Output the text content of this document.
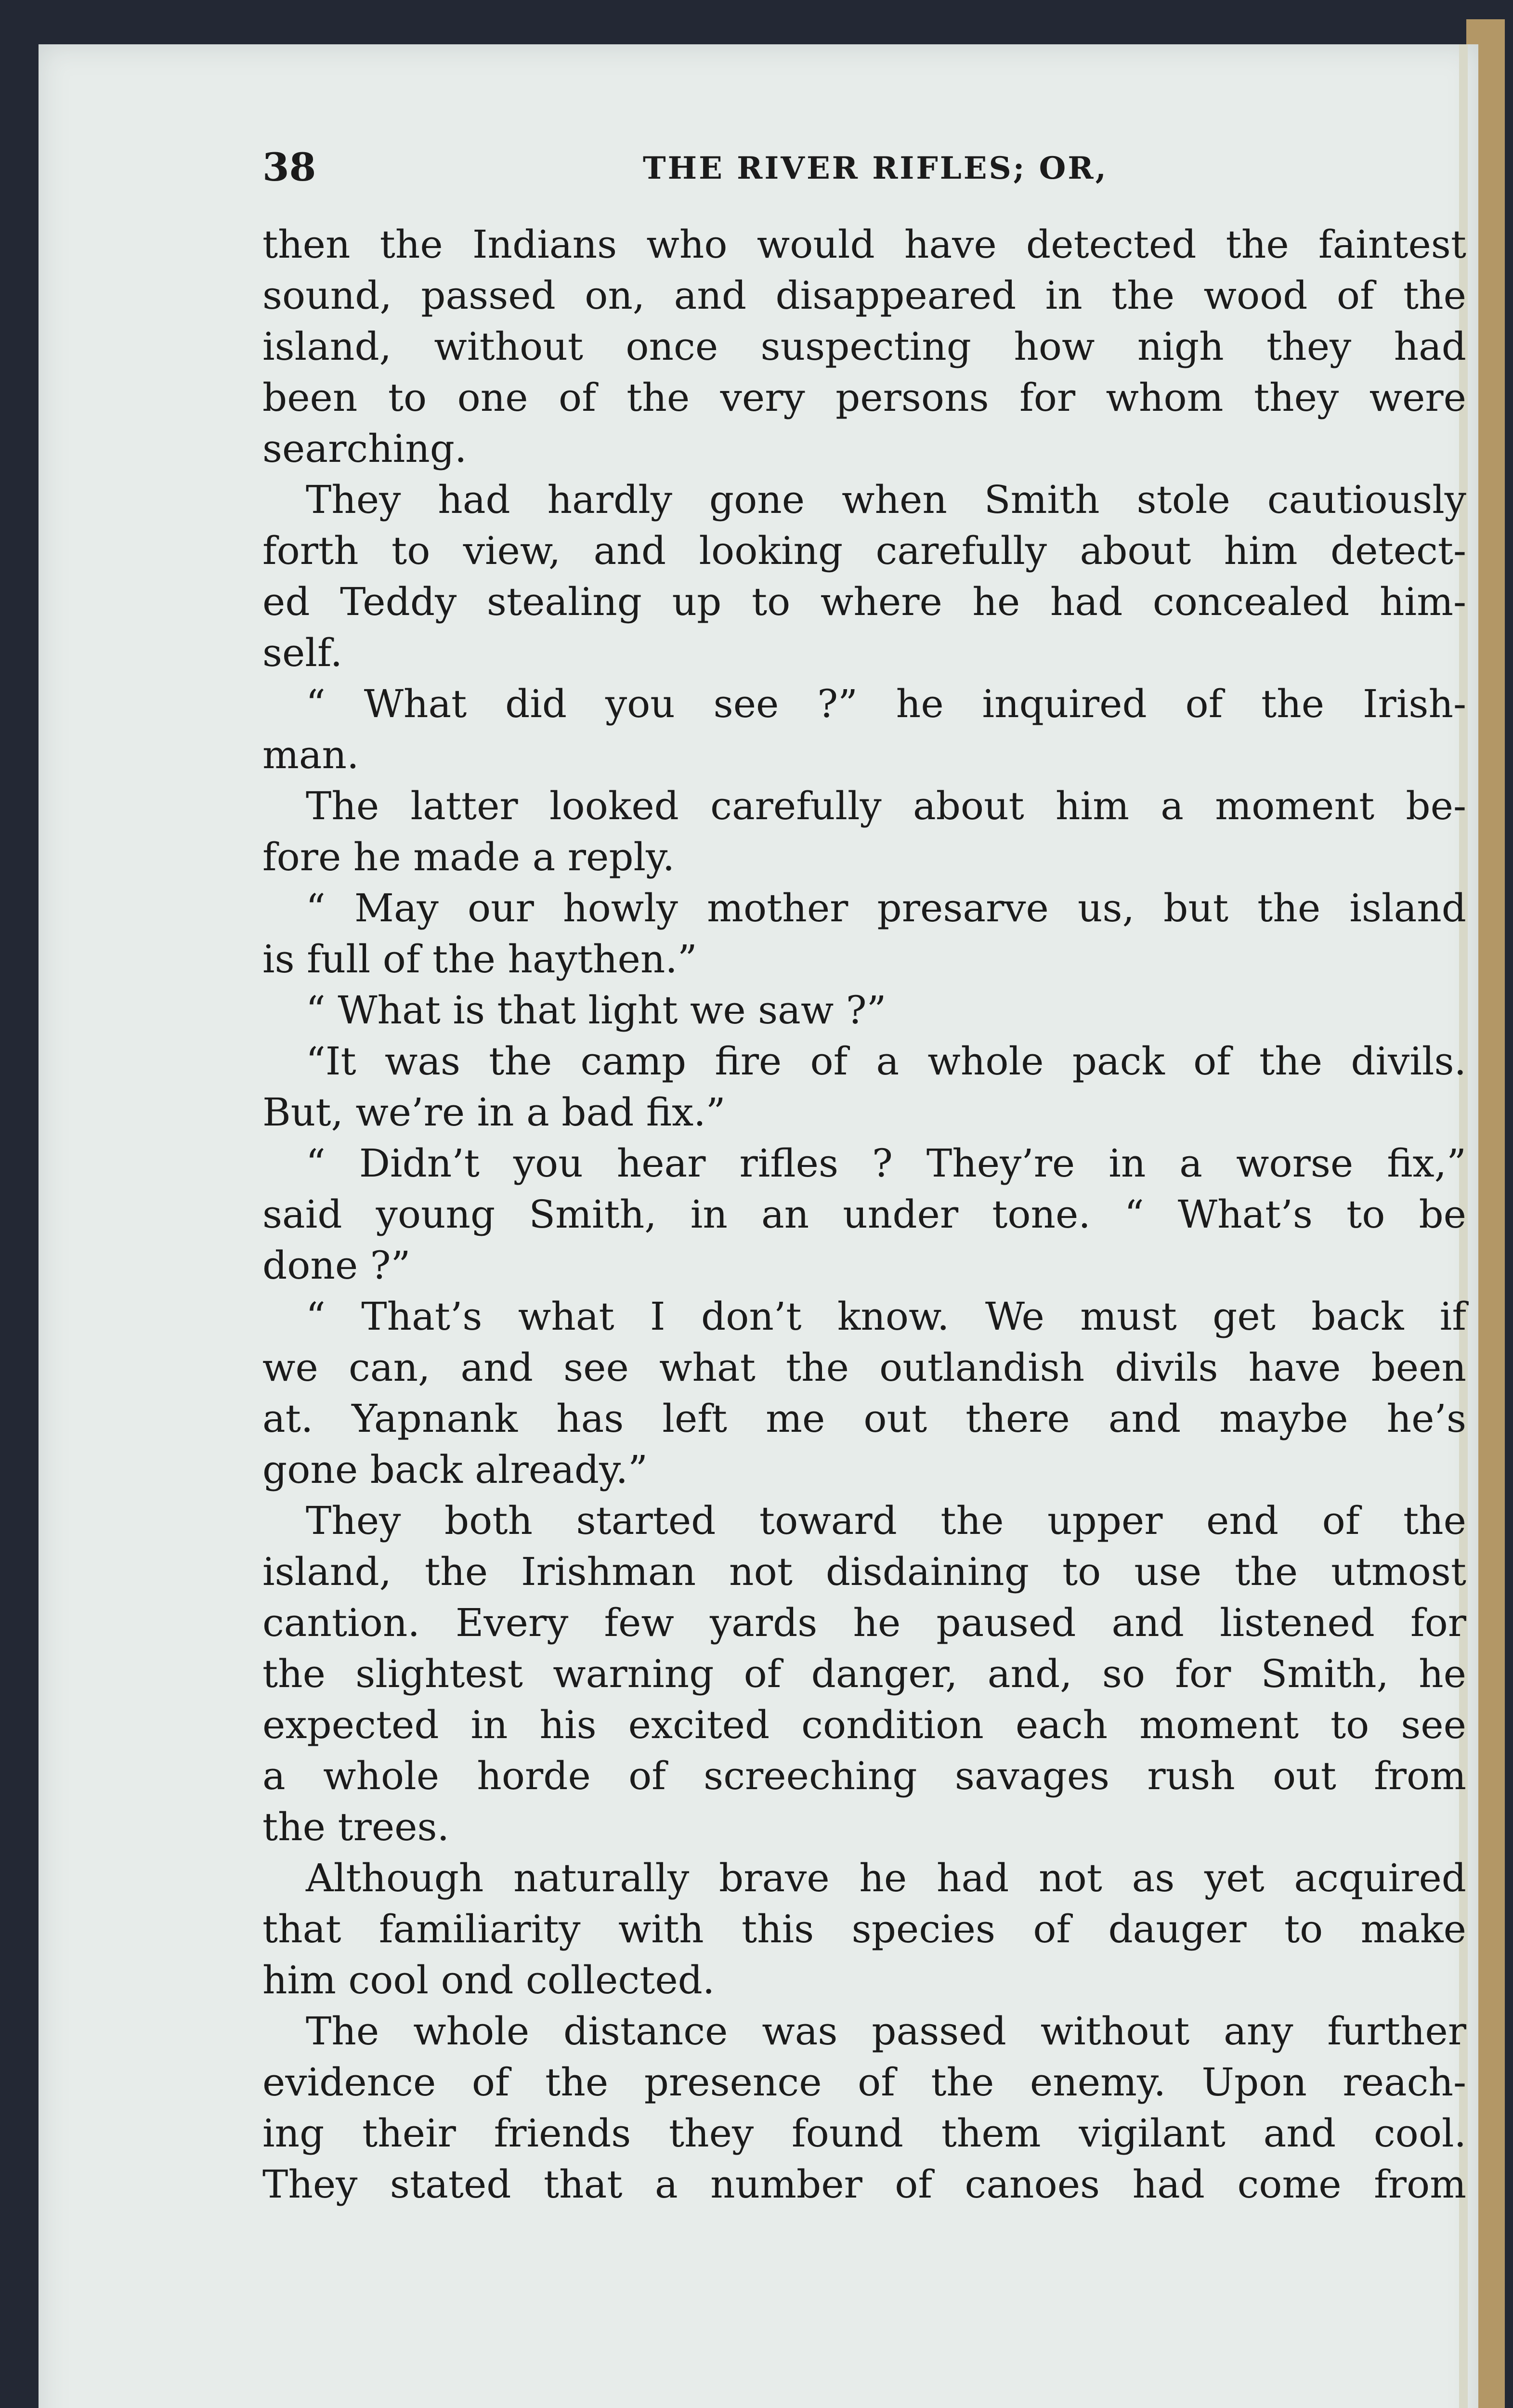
38	THE RIVER RIFLES; OR,
then the Indians who would have detected the faintest
sound, passed on, and disappeared in the wood of the
island, without once suspecting how nigh they had
been to one of the very persons for whom they were
searching.
They had hardly gone when Smith stole cautiously
forth to view, and looking carefully about him detect-
ed Teddy stealing up to where he had concealed him-
self.
“ What did you see ?” he inquired of the Irish-
man.
The latter looked carefully about him a moment be-
fore he made a reply.
“ May our howly mother presarve us, but the island
is full of the haythen.”
“ What is that light we saw ?”
“It was the camp fire of a whole pack of the divils.
But, we’re in a bad fix.”
“ Didn’t you hear rifles ? They’re in a worse fix,”
said young Smith, in an under tone. “ What’s to be
done ?”
“ That’s what I don’t know. We must get back if
we can, and see what the outlandish divils have been
at. Yapnank has left me out there and maybe he’s
gone back already.”
They both started toward the upper end of the
island, the Irishman not disdaining to use the utmost
cantion. Every few yards he paused and listened for
the slightest warning of danger, and, so for Smith, he
expected in his excited condition each moment to see
a whole horde of screeching savages rush out from
the trees.
Although naturally brave he had not as yet acquired
that familiarity with this species of dauger to make
him cool ond collected.
The whole distance was passed without any further
evidence of the presence of the enemy. Upon reach-
ing their friends they found them vigilant and cool.
They stated that a number of canoes had come from
